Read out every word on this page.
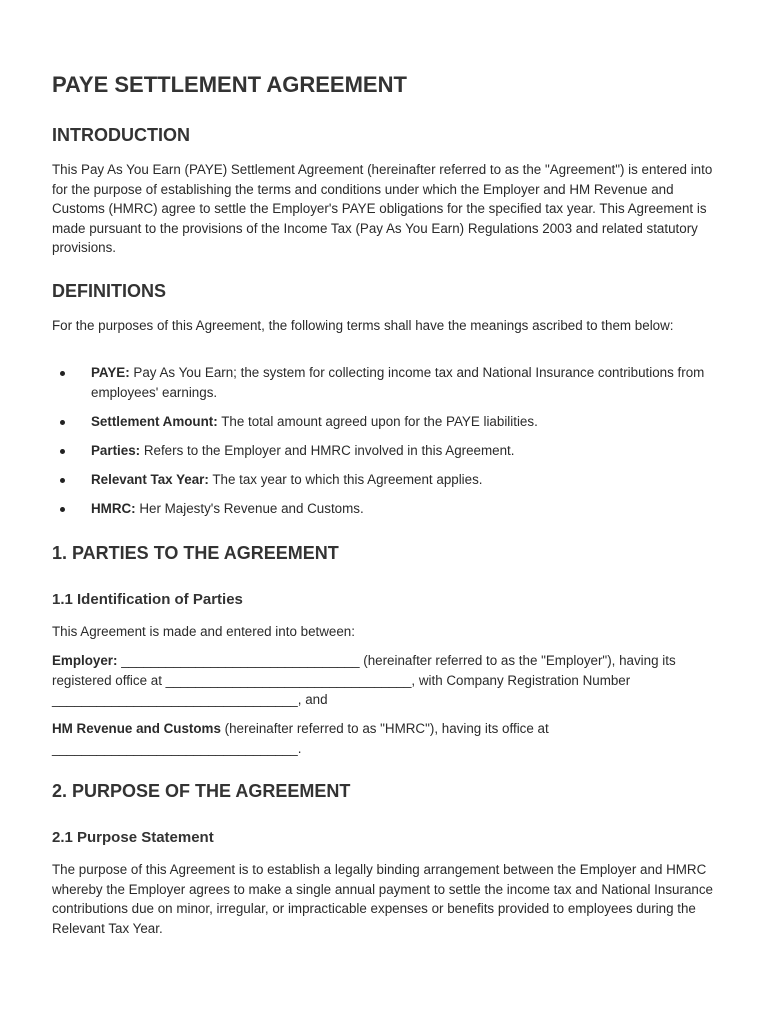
PAYE SETTLEMENT AGREEMENT
INTRODUCTION

This Pay As You Earn (PAYE) Settlement Agreement (hereinafter referred to as the "Agreement") is entered into for the purpose of establishing the terms and conditions under which the Employer and HM Revenue and Customs (HMRC) agree to settle the Employer's PAYE obligations for the specified tax year. This Agreement is made pursuant to the provisions of the Income Tax (Pay As You Earn) Regulations 2003 and related statutory provisions.

DEFINITIONS

For the purposes of this Agreement, the following terms shall have the meanings ascribed to them below:

PAYE: Pay As You Earn; the system for collecting income tax and National Insurance contributions from employees' earnings.
Settlement Amount: The total amount agreed upon for the PAYE liabilities.
Parties: Refers to the Employer and HMRC involved in this Agreement.
Relevant Tax Year: The tax year to which this Agreement applies.
HMRC: Her Majesty's Revenue and Customs.
1. PARTIES TO THE AGREEMENT
1.1 Identification of Parties

This Agreement is made and entered into between:

Employer: ________________________________ (hereinafter referred to as the "Employer"), having its registered office at _________________________________, with Company Registration Number _________________________________, and

HM Revenue and Customs (hereinafter referred to as "HMRC"), having its office at _________________________________.

2. PURPOSE OF THE AGREEMENT
2.1 Purpose Statement

The purpose of this Agreement is to establish a legally binding arrangement between the Employer and HMRC whereby the Employer agrees to make a single annual payment to settle the income tax and National Insurance contributions due on minor, irregular, or impracticable expenses or benefits provided to employees during the Relevant Tax Year.
